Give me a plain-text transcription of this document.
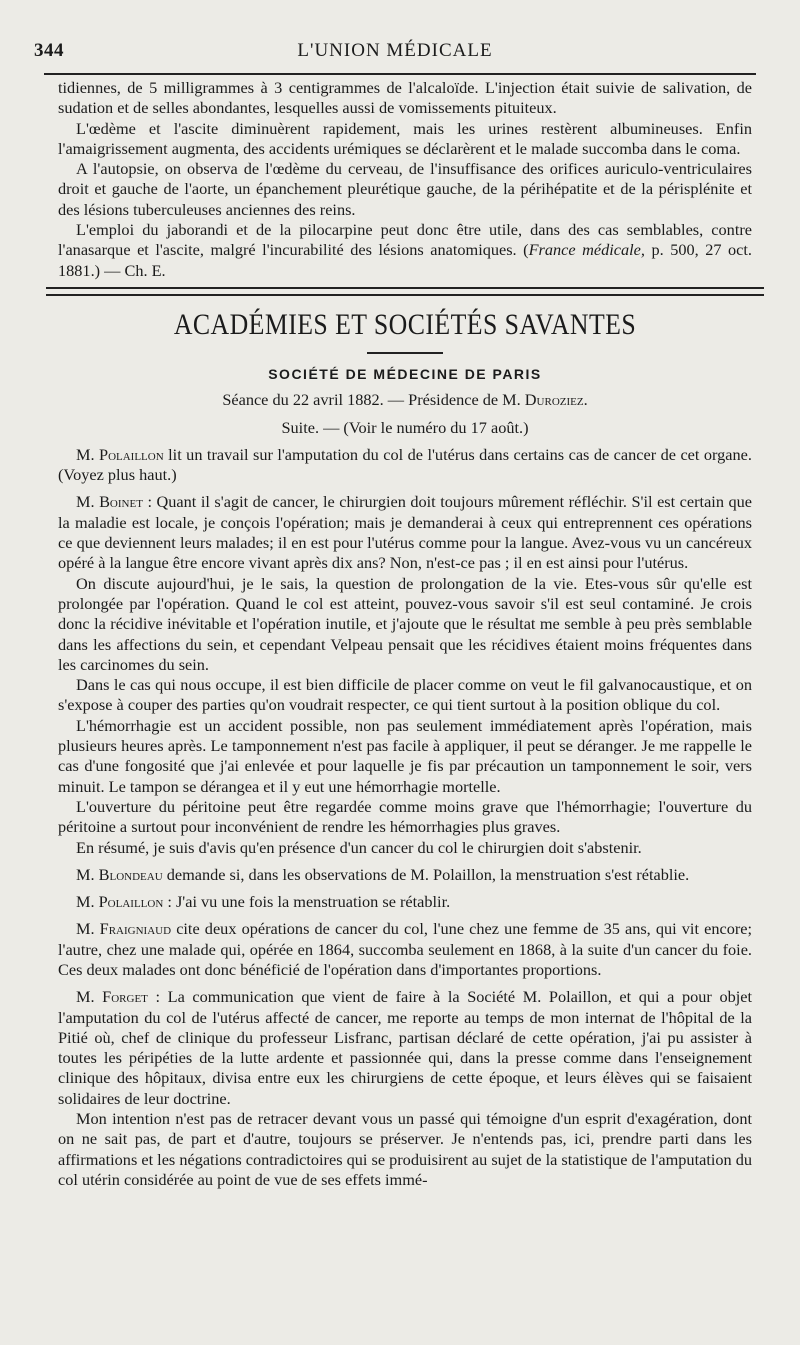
344	L'UNION MÉDICALE

tidiennes, de 5 milligrammes à 3 centigrammes de l'alcaloïde. L'injection était suivie de salivation, de sudation et de selles abondantes, lesquelles aussi de vomissements pituiteux.

L'œdème et l'ascite diminuèrent rapidement, mais les urines restèrent albumineuses. Enfin l'amaigrissement augmenta, des accidents urémiques se déclarèrent et le malade succomba dans le coma.

A l'autopsie, on observa de l'œdème du cerveau, de l'insuffisance des orifices auriculo-ventriculaires droit et gauche de l'aorte, un épanchement pleurétique gauche, de la périhépatite et de la périsplénite et des lésions tuberculeuses anciennes des reins.

L'emploi du jaborandi et de la pilocarpine peut donc être utile, dans des cas semblables, contre l'anasarque et l'ascite, malgré l'incurabilité des lésions anatomiques. (France médicale, p. 500, 27 oct. 1881.) — Ch. E.

ACADÉMIES ET SOCIÉTÉS SAVANTES
SOCIÉTÉ DE MÉDECINE DE PARIS

Séance du 22 avril 1882. — Présidence de M. Duroziez.

Suite. — (Voir le numéro du 17 août.)

M. Polaillon lit un travail sur l'amputation du col de l'utérus dans certains cas de cancer de cet organe. (Voyez plus haut.)

M. Boinet : Quant il s'agit de cancer, le chirurgien doit toujours mûrement réfléchir. S'il est certain que la maladie est locale, je conçois l'opération; mais je demanderai à ceux qui entreprennent ces opérations ce que deviennent leurs malades; il en est pour l'utérus comme pour la langue. Avez-vous vu un cancéreux opéré à la langue être encore vivant après dix ans? Non, n'est-ce pas ; il en est ainsi pour l'utérus.

On discute aujourd'hui, je le sais, la question de prolongation de la vie. Etes-vous sûr qu'elle est prolongée par l'opération. Quand le col est atteint, pouvez-vous savoir s'il est seul contaminé. Je crois donc la récidive inévitable et l'opération inutile, et j'ajoute que le résultat me semble à peu près semblable dans les affections du sein, et cependant Velpeau pensait que les récidives étaient moins fréquentes dans les carcinomes du sein.

Dans le cas qui nous occupe, il est bien difficile de placer comme on veut le fil galvanocaustique, et on s'expose à couper des parties qu'on voudrait respecter, ce qui tient surtout à la position oblique du col.

L'hémorrhagie est un accident possible, non pas seulement immédiatement après l'opération, mais plusieurs heures après. Le tamponnement n'est pas facile à appliquer, il peut se déranger. Je me rappelle le cas d'une fongosité que j'ai enlevée et pour laquelle je fis par précaution un tamponnement le soir, vers minuit. Le tampon se dérangea et il y eut une hémorrhagie mortelle.

L'ouverture du péritoine peut être regardée comme moins grave que l'hémorrhagie; l'ouverture du péritoine a surtout pour inconvénient de rendre les hémorrhagies plus graves.

En résumé, je suis d'avis qu'en présence d'un cancer du col le chirurgien doit s'abstenir.

M. Blondeau demande si, dans les observations de M. Polaillon, la menstruation s'est rétablie.

M. Polaillon : J'ai vu une fois la menstruation se rétablir.

M. Fraigniaud cite deux opérations de cancer du col, l'une chez une femme de 35 ans, qui vit encore; l'autre, chez une malade qui, opérée en 1864, succomba seulement en 1868, à la suite d'un cancer du foie. Ces deux malades ont donc bénéficié de l'opération dans d'importantes proportions.

M. Forget : La communication que vient de faire à la Société M. Polaillon, et qui a pour objet l'amputation du col de l'utérus affecté de cancer, me reporte au temps de mon internat de l'hôpital de la Pitié où, chef de clinique du professeur Lisfranc, partisan déclaré de cette opération, j'ai pu assister à toutes les péripéties de la lutte ardente et passionnée qui, dans la presse comme dans l'enseignement clinique des hôpitaux, divisa entre eux les chirurgiens de cette époque, et leurs élèves qui se faisaient solidaires de leur doctrine.

Mon intention n'est pas de retracer devant vous un passé qui témoigne d'un esprit d'exagération, dont on ne sait pas, de part et d'autre, toujours se préserver. Je n'entends pas, ici, prendre parti dans les affirmations et les négations contradictoires qui se produisirent au sujet de la statistique de l'amputation du col utérin considérée au point de vue de ses effets immé-
